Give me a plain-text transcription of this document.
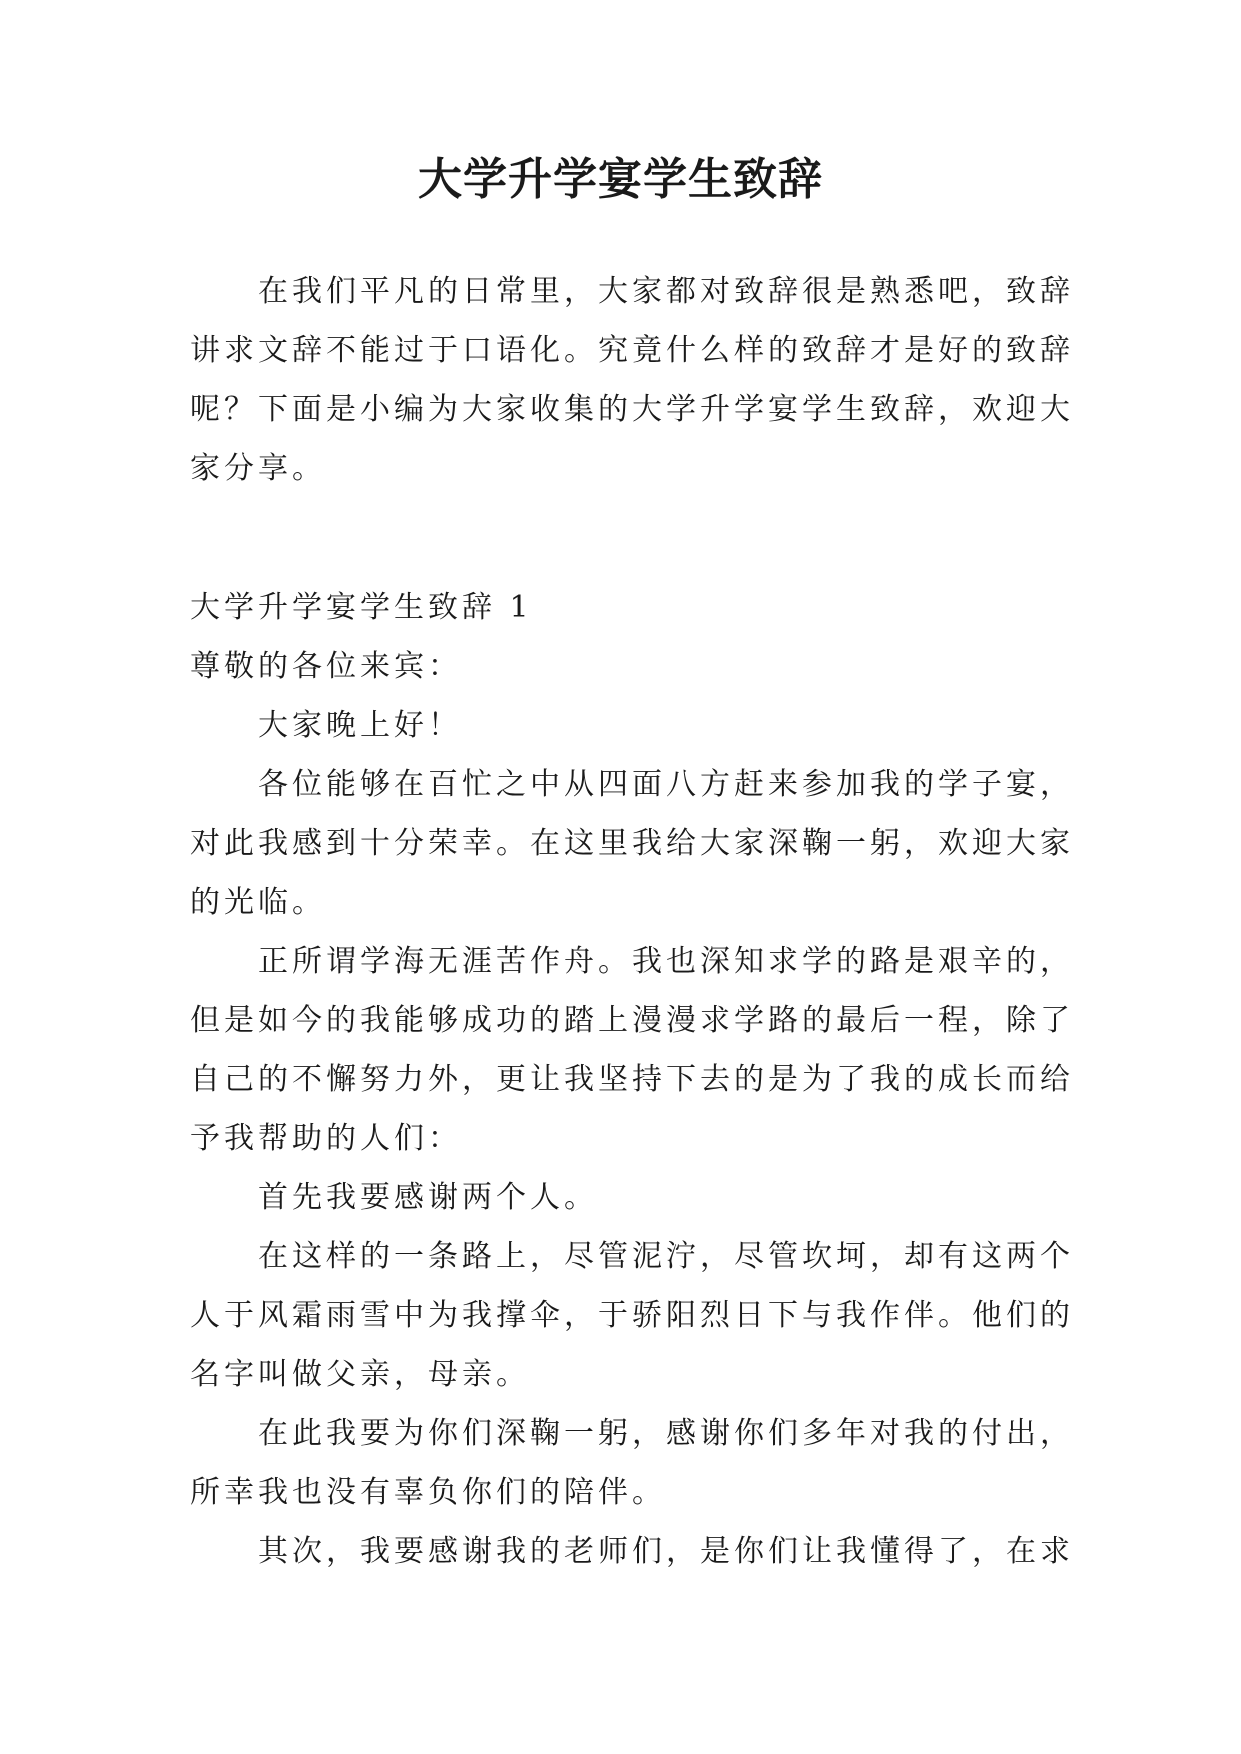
大学升学宴学生致辞
在我们平凡的日常里，大家都对致辞很是熟悉吧，致辞
讲求文辞不能过于口语化。究竟什么样的致辞才是好的致辞
呢？下面是小编为大家收集的大学升学宴学生致辞，欢迎大
家分享。
大学升学宴学生致辞 1
尊敬的各位来宾：
大家晚上好！
各位能够在百忙之中从四面八方赶来参加我的学子宴，
对此我感到十分荣幸。在这里我给大家深鞠一躬，欢迎大家
的光临。
正所谓学海无涯苦作舟。我也深知求学的路是艰辛的，
但是如今的我能够成功的踏上漫漫求学路的最后一程，除了
自己的不懈努力外，更让我坚持下去的是为了我的成长而给
予我帮助的人们：
首先我要感谢两个人。
在这样的一条路上，尽管泥泞，尽管坎坷，却有这两个
人于风霜雨雪中为我撑伞，于骄阳烈日下与我作伴。他们的
名字叫做父亲，母亲。
在此我要为你们深鞠一躬，感谢你们多年对我的付出，
所幸我也没有辜负你们的陪伴。
其次，我要感谢我的老师们，是你们让我懂得了，在求
